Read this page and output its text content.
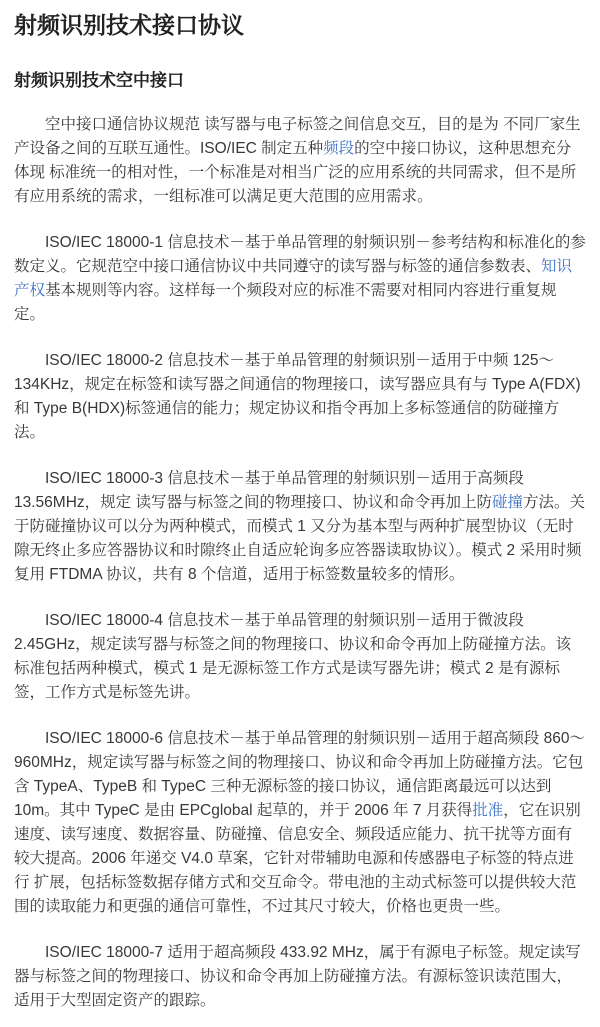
射频识别技术接口协议
射频识别技术空中接口

空中接口通信协议规范 读写器与电子标签之间信息交互，目的是为 不同厂家生产设备之间的互联互通性。ISO/IEC 制定五种频段的空中接口协议，这种思想充分体现 标准统一的相对性，一个标准是对相当广泛的应用系统的共同需求，但不是所有应用系统的需求，一组标准可以满足更大范围的应用需求。

ISO/IEC 18000-1 信息技术－基于单品管理的射频识别－参考结构和标准化的参数定义。它规范空中接口通信协议中共同遵守的读写器与标签的通信参数表、知识产权基本规则等内容。这样每一个频段对应的标准不需要对相同内容进行重复规定。

ISO/IEC 18000-2 信息技术－基于单品管理的射频识别－适用于中频 125～134KHz，规定在标签和读写器之间通信的物理接口，读写器应具有与 Type A(FDX)和 Type B(HDX)标签通信的能力；规定协议和指令再加上多标签通信的防碰撞方法。

ISO/IEC 18000-3 信息技术－基于单品管理的射频识别－适用于高频段 13.56MHz，规定 读写器与标签之间的物理接口、协议和命令再加上防碰撞方法。关于防碰撞协议可以分为两种模式，而模式 1 又分为基本型与两种扩展型协议（无时隙无终止多应答器协议和时隙终止自适应轮询多应答器读取协议）。模式 2 采用时频复用 FTDMA 协议，共有 8 个信道，适用于标签数量较多的情形。

ISO/IEC 18000-4 信息技术－基于单品管理的射频识别－适用于微波段 2.45GHz，规定读写器与标签之间的物理接口、协议和命令再加上防碰撞方法。该标准包括两种模式，模式 1 是无源标签工作方式是读写器先讲；模式 2 是有源标签，工作方式是标签先讲。

ISO/IEC 18000-6 信息技术－基于单品管理的射频识别－适用于超高频段 860～960MHz，规定读写器与标签之间的物理接口、协议和命令再加上防碰撞方法。它包含 TypeA、TypeB 和 TypeC 三种无源标签的接口协议，通信距离最远可以达到 10m。其中 TypeC 是由 EPCglobal 起草的，并于 2006 年 7 月获得批准，它在识别速度、读写速度、数据容量、防碰撞、信息安全、频段适应能力、抗干扰等方面有较大提高。2006 年递交 V4.0 草案，它针对带辅助电源和传感器电子标签的特点进行 扩展，包括标签数据存储方式和交互命令。带电池的主动式标签可以提供较大范围的读取能力和更强的通信可靠性，不过其尺寸较大，价格也更贵一些。

ISO/IEC 18000-7 适用于超高频段 433.92 MHz，属于有源电子标签。规定读写器与标签之间的物理接口、协议和命令再加上防碰撞方法。有源标签识读范围大，适用于大型固定资产的跟踪。
